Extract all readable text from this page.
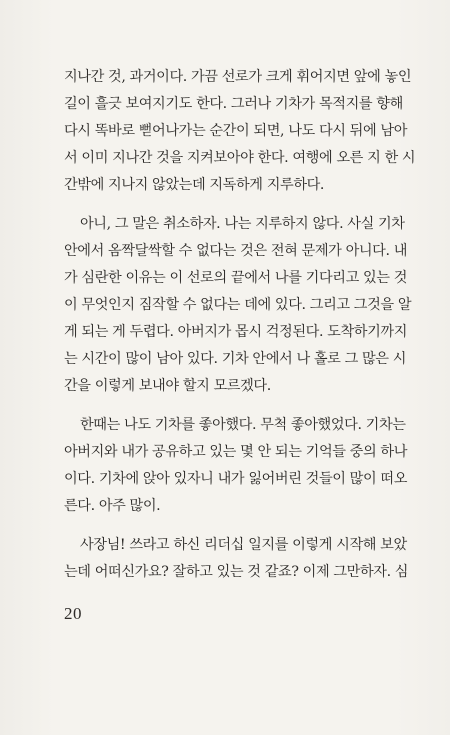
지나간 것, 과거이다. 가끔 선로가 크게 휘어지면 앞에 놓인
길이 흘긋 보여지기도 한다. 그러나 기차가 목적지를 향해
다시 똑바로 뻗어나가는 순간이 되면, 나도 다시 뒤에 남아
서 이미 지나간 것을 지켜보아야 한다. 여행에 오른 지 한 시
간밖에 지나지 않았는데 지독하게 지루하다.

아니, 그 말은 취소하자. 나는 지루하지 않다. 사실 기차
안에서 옴짝달싹할 수 없다는 것은 전혀 문제가 아니다. 내
가 심란한 이유는 이 선로의 끝에서 나를 기다리고 있는 것
이 무엇인지 짐작할 수 없다는 데에 있다. 그리고 그것을 알
게 되는 게 두렵다. 아버지가 몹시 걱정된다. 도착하기까지
는 시간이 많이 남아 있다. 기차 안에서 나 홀로 그 많은 시
간을 이렇게 보내야 할지 모르겠다.

한때는 나도 기차를 좋아했다. 무척 좋아했었다. 기차는
아버지와 내가 공유하고 있는 몇 안 되는 기억들 중의 하나
이다. 기차에 앉아 있자니 내가 잃어버린 것들이 많이 떠오
른다. 아주 많이.

사장님! 쓰라고 하신 리더십 일지를 이렇게 시작해 보았
는데 어떠신가요? 잘하고 있는 것 같죠? 이제 그만하자. 심

20
